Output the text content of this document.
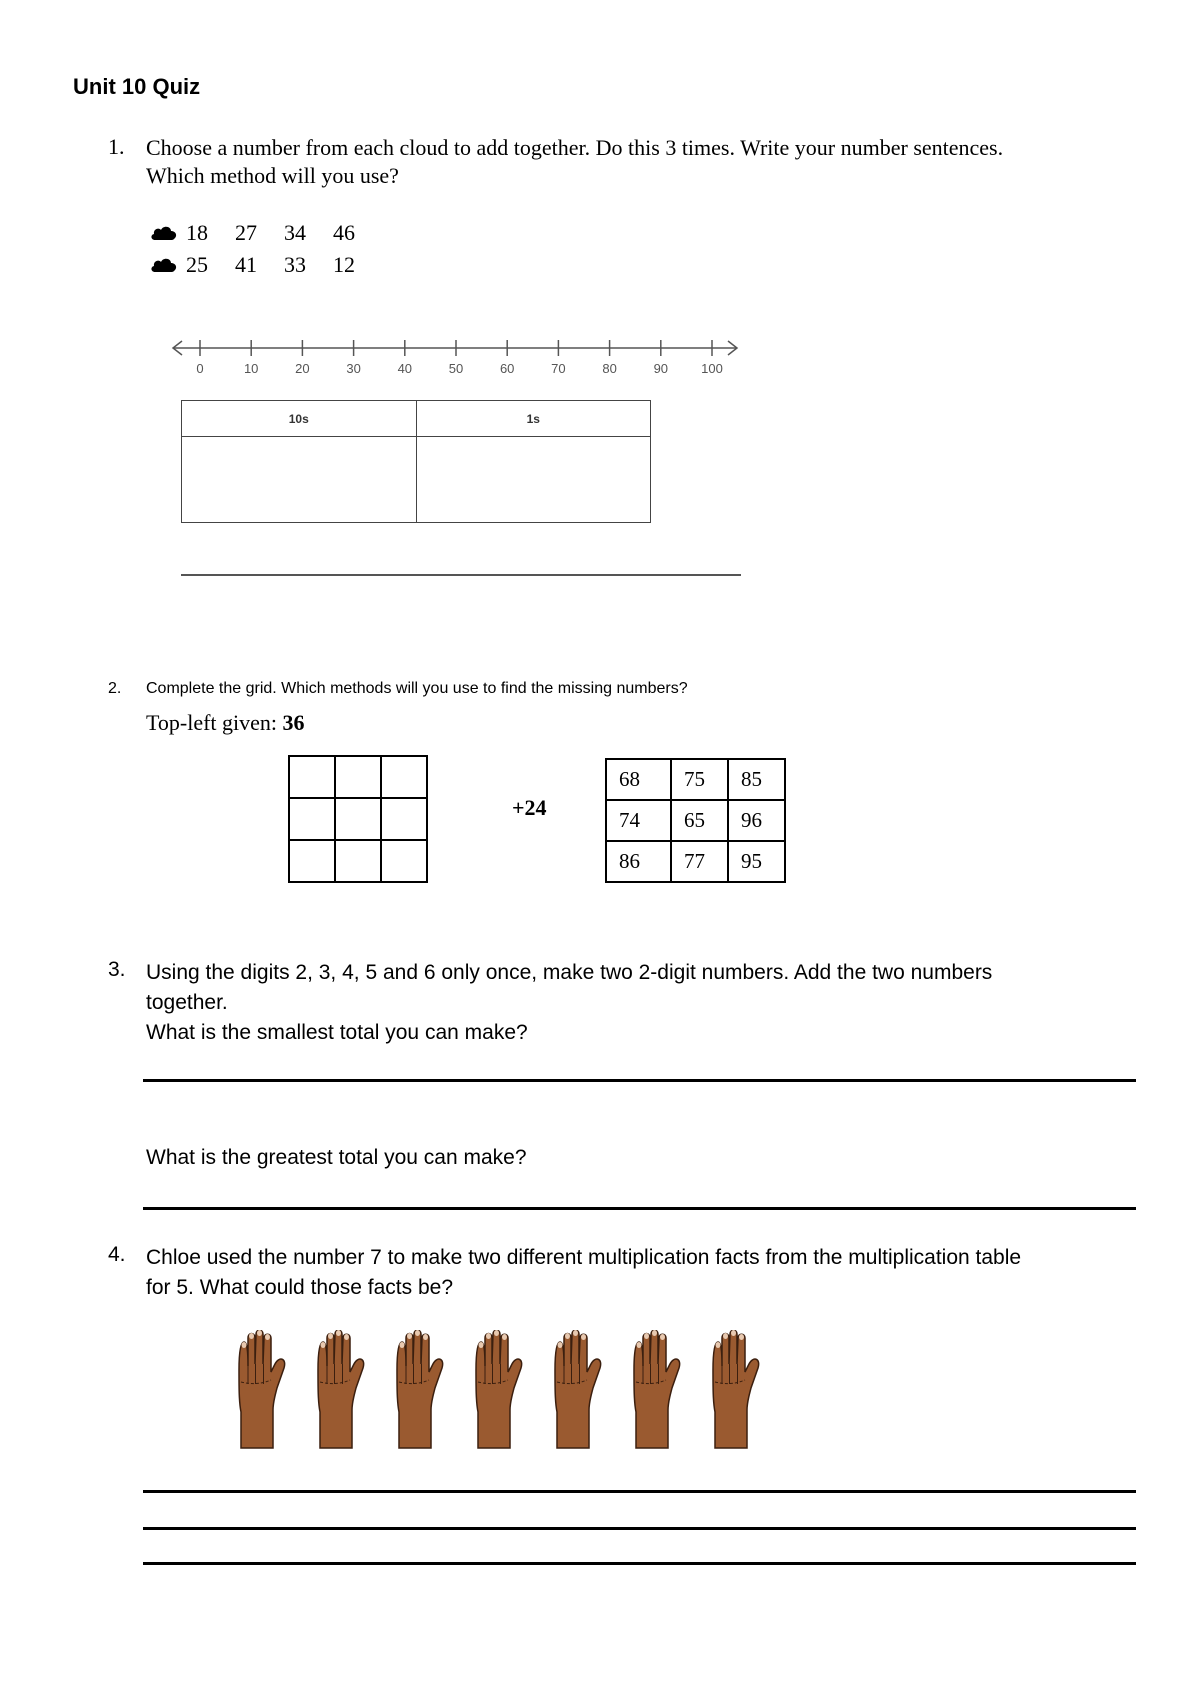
Unit 10 Quiz
1. Choose a number from each cloud to add together. Do this 3 times. Write your number sentences.
Which method will you use?
18	27	34	46
25	41	33	12
0	10	20	30	40	50	60	70	80	90	100
10s	1s

2. Complete the grid. Which methods will you use to find the missing numbers?
Top-left given: 36

+24
68	75	85
74	65	96
86	77	95
3. Using the digits 2, 3, 4, 5 and 6 only once, make two 2-digit numbers. Add the two numbers
together.
What is the smallest total you can make?
What is the greatest total you can make?
4. Chloe used the number 7 to make two different multiplication facts from the multiplication table
for 5. What could those facts be?
